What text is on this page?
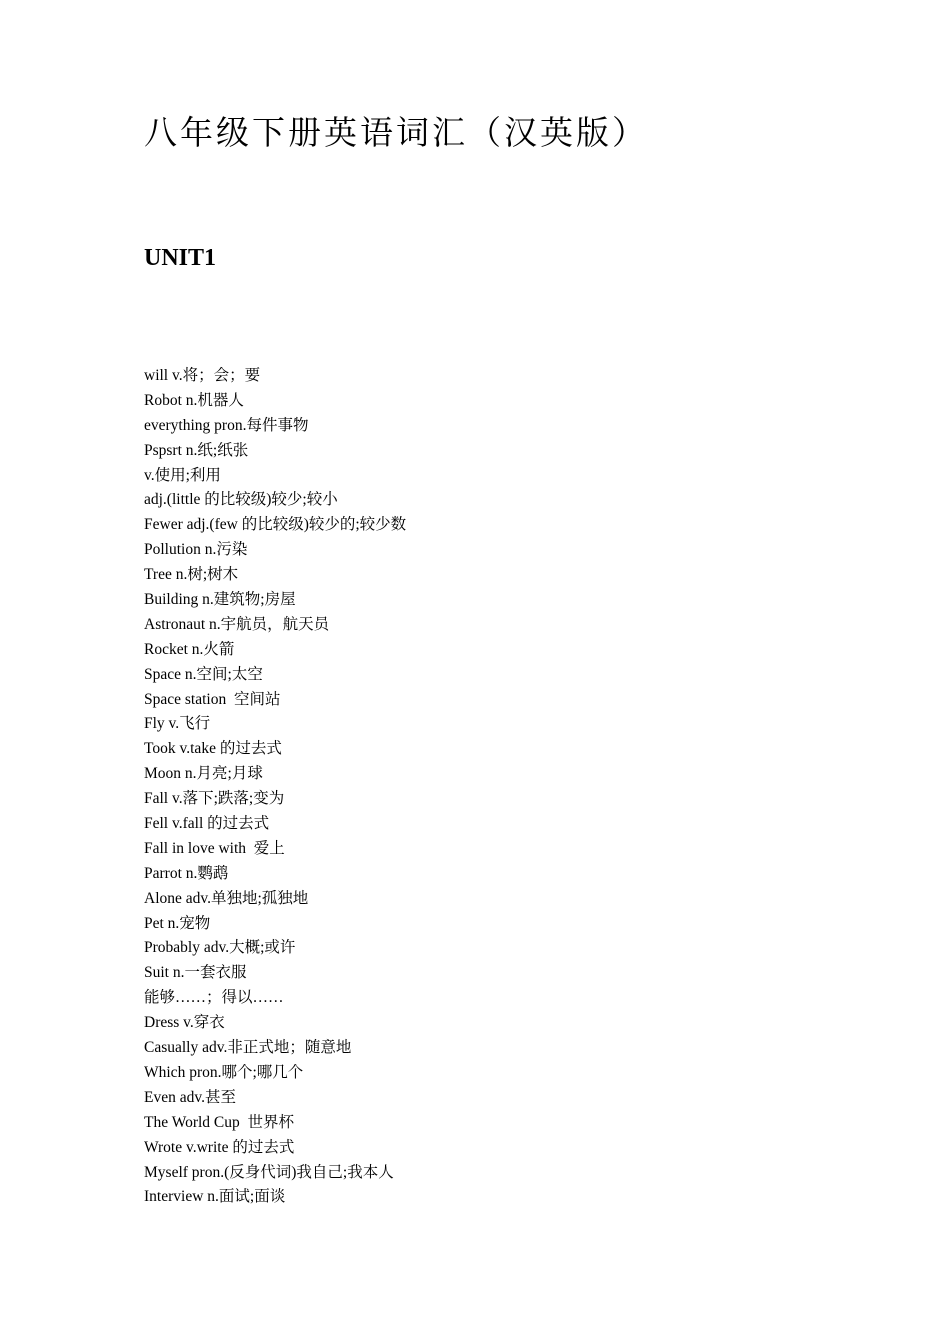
八年级下册英语词汇（汉英版）
UNIT1
will v.将；会；要
Robot n.机器人
everything pron.每件事物
Pspsrt n.纸;纸张
v.使用;利用
adj.(little 的比较级)较少;较小
Fewer adj.(few 的比较级)较少的;较少数
Pollution n.污染
Tree n.树;树木
Building n.建筑物;房屋
Astronaut n.宇航员，航天员
Rocket n.火箭
Space n.空间;太空
Space station  空间站
Fly v.飞行
Took v.take 的过去式
Moon n.月亮;月球
Fall v.落下;跌落;变为
Fell v.fall 的过去式
Fall in love with  爱上
Parrot n.鹦鹉
Alone adv.单独地;孤独地
Pet n.宠物
Probably adv.大概;或许
Suit n.一套衣服
能够……；得以……
Dress v.穿衣
Casually adv.非正式地；随意地
Which pron.哪个;哪几个
Even adv.甚至
The World Cup  世界杯
Wrote v.write 的过去式
Myself pron.(反身代词)我自己;我本人
Interview n.面试;面谈
